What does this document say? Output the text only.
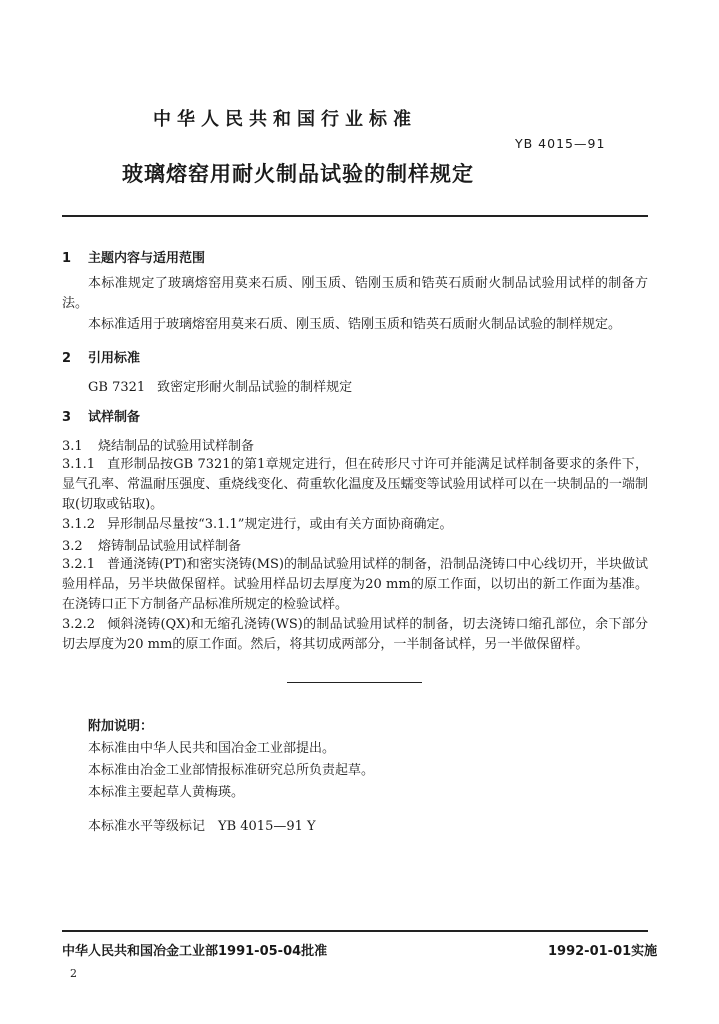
中华人民共和国行业标准
YB 4015—91
玻璃熔窑用耐火制品试验的制样规定
1 主题内容与适用范围
本标准规定了玻璃熔窑用莫来石质、刚玉质、锆刚玉质和锆英石质耐火制品试验用试样的制备方法。
本标准适用于玻璃熔窑用莫来石质、刚玉质、锆刚玉质和锆英石质耐火制品试验的制样规定。
2 引用标准
GB 7321 致密定形耐火制品试验的制样规定
3 试样制备
3.1 烧结制品的试验用试样制备
3.1.1 直形制品按GB 7321的第1章规定进行，但在砖形尺寸许可并能满足试样制备要求的条件下，显气孔率、常温耐压强度、重烧线变化、荷重软化温度及压蠕变等试验用试样可以在一块制品的一端制取(切取或钻取)。
3.1.2 异形制品尽量按“3.1.1”规定进行，或由有关方面协商确定。
3.2 熔铸制品试验用试样制备
3.2.1 普通浇铸(PT)和密实浇铸(MS)的制品试验用试样的制备，沿制品浇铸口中心线切开，半块做试验用样品，另半块做保留样。试验用样品切去厚度为20 mm的原工作面，以切出的新工作面为基准。在浇铸口正下方制备产品标准所规定的检验试样。
3.2.2 倾斜浇铸(QX)和无缩孔浇铸(WS)的制品试验用试样的制备，切去浇铸口缩孔部位，余下部分切去厚度为20 mm的原工作面。然后，将其切成两部分，一半制备试样，另一半做保留样。
附加说明：
本标准由中华人民共和国冶金工业部提出。
本标准由冶金工业部情报标准研究总所负责起草。
本标准主要起草人黄梅瑛。
本标准水平等级标记　YB 4015—91 Y
中华人民共和国冶金工业部1991-05-04批准	1992-01-01实施
2
